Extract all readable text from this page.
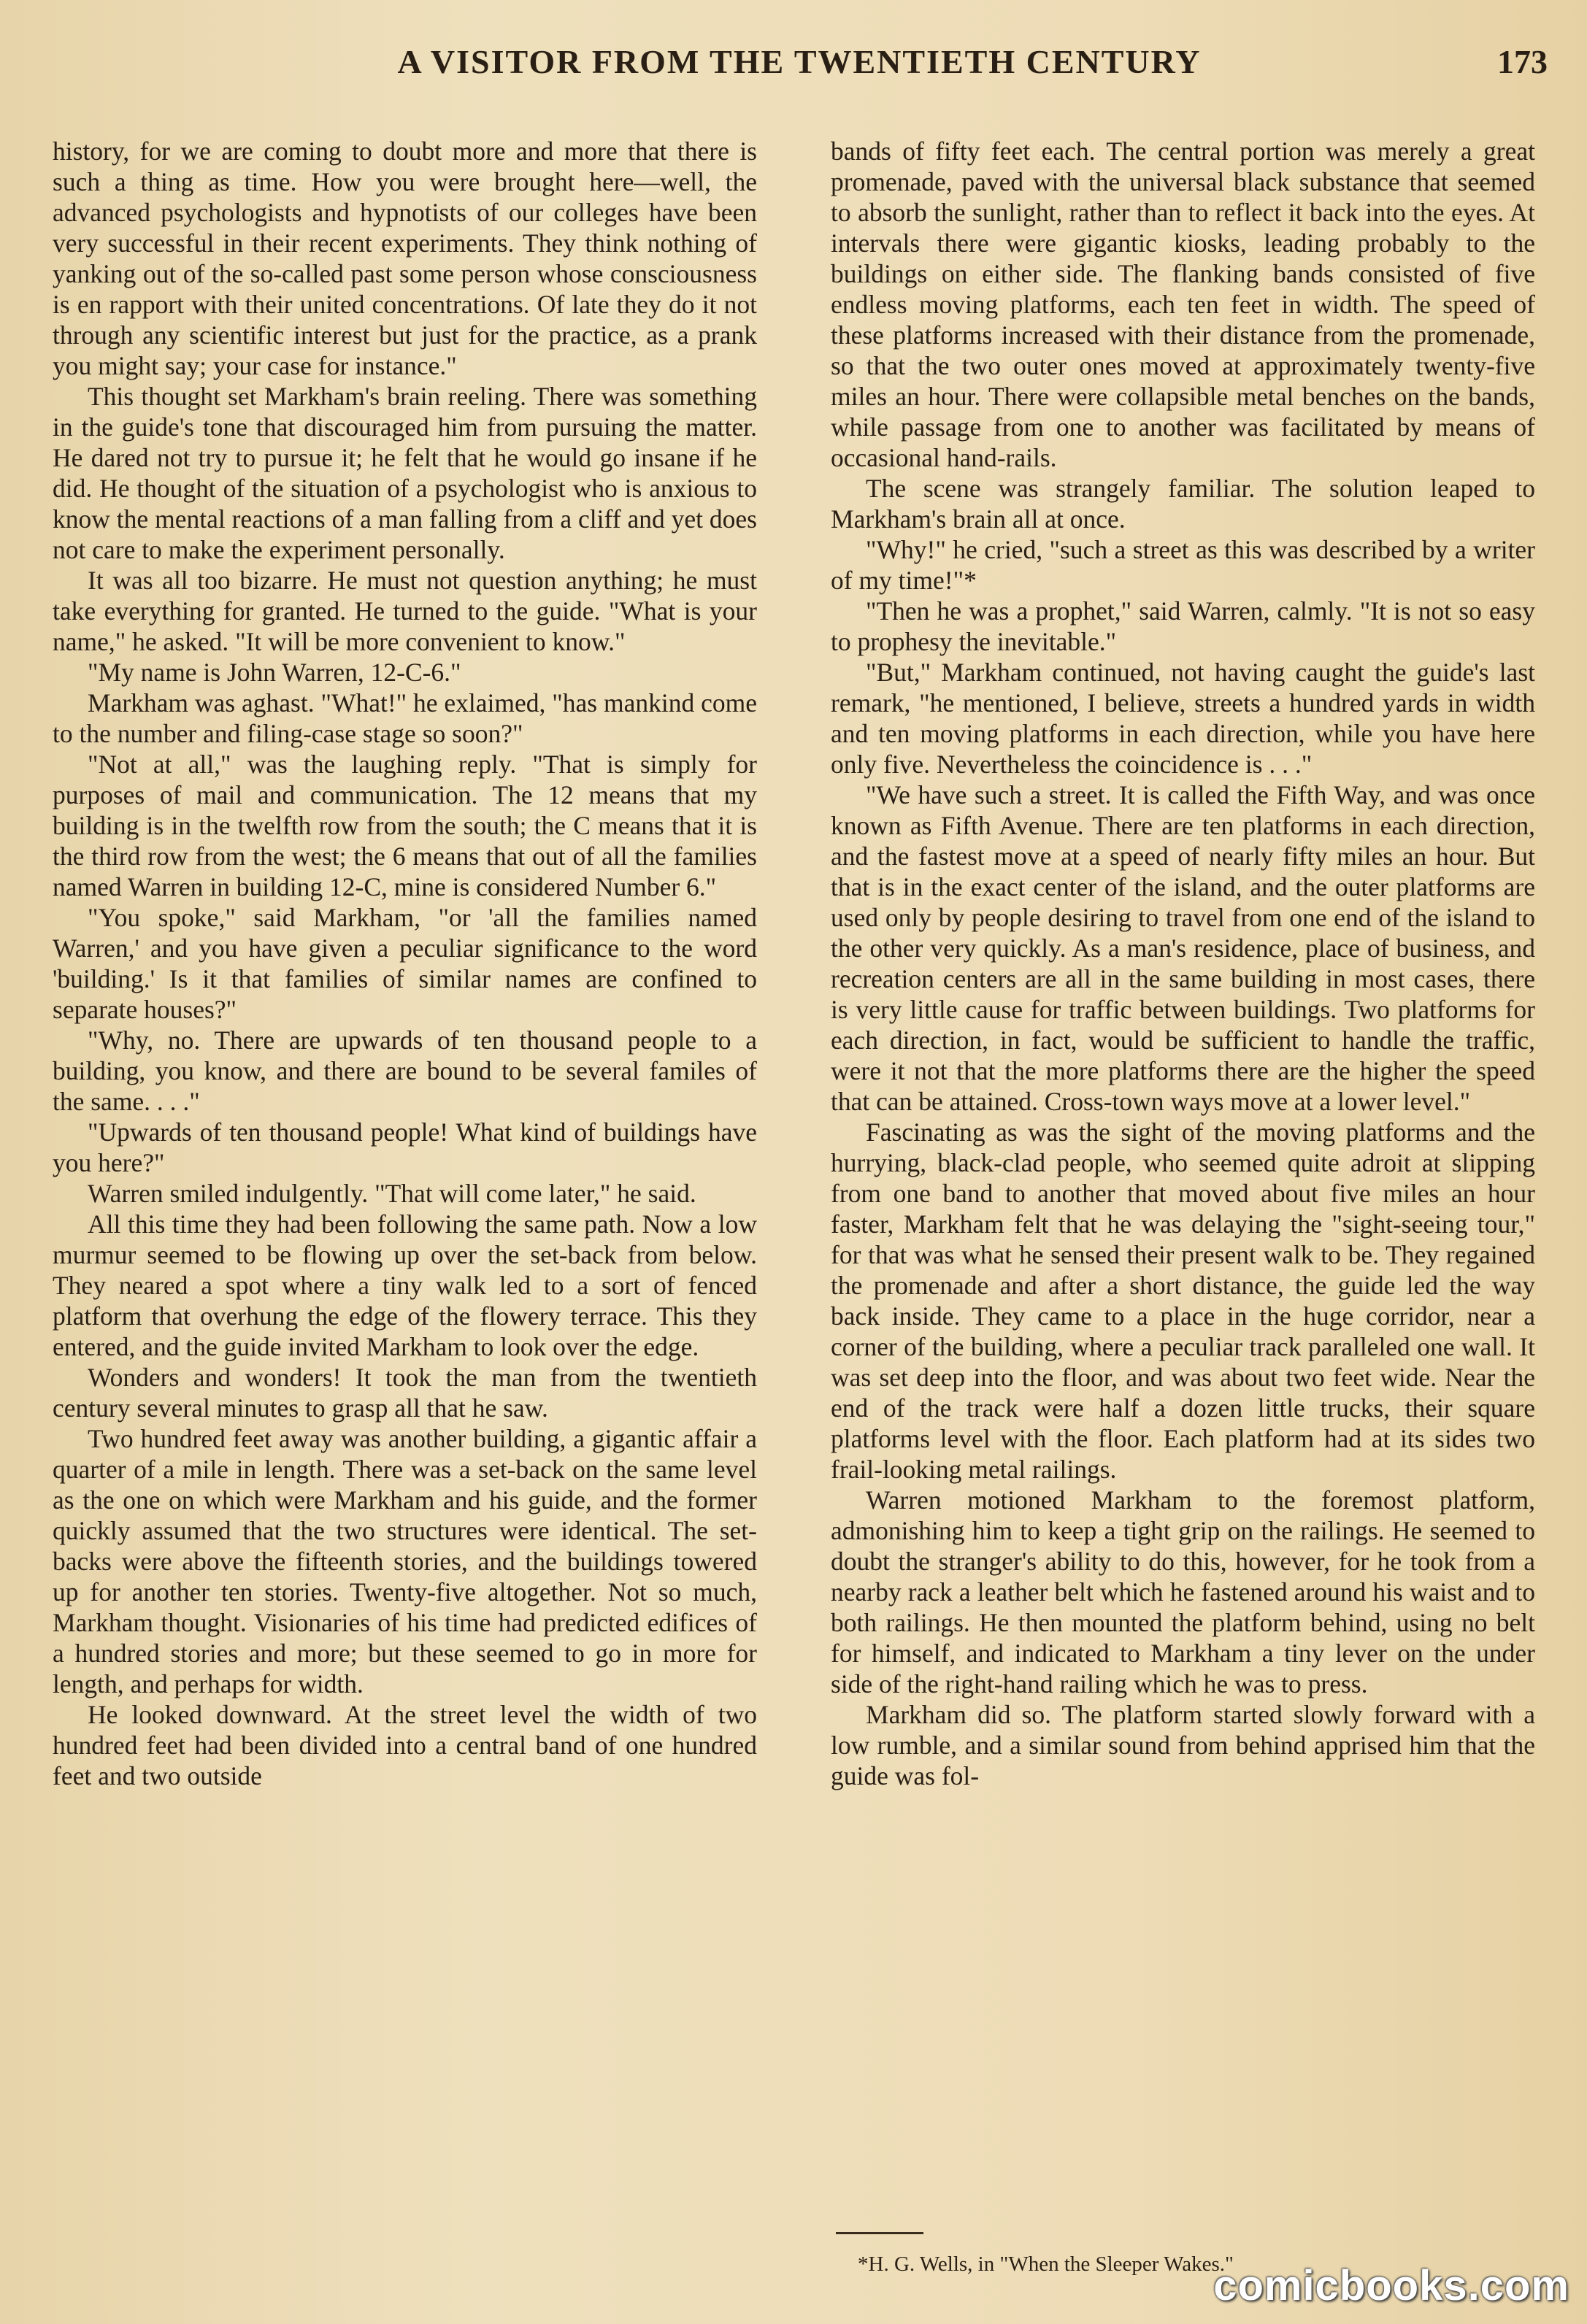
A VISITOR FROM THE TWENTIETH CENTURY	173

history, for we are coming to doubt more and more that there is such a thing as time. How you were brought here—well, the advanced psychologists and hypnotists of our colleges have been very successful in their recent experiments. They think nothing of yanking out of the so-called past some person whose consciousness is en rapport with their united concentrations. Of late they do it not through any scientific interest but just for the practice, as a prank you might say; your case for instance."

This thought set Markham's brain reeling. There was something in the guide's tone that discouraged him from pursuing the matter. He dared not try to pursue it; he felt that he would go insane if he did. He thought of the situation of a psychologist who is anxious to know the mental reactions of a man falling from a cliff and yet does not care to make the experiment personally.

It was all too bizarre. He must not question anything; he must take everything for granted. He turned to the guide. "What is your name," he asked. "It will be more convenient to know."

"My name is John Warren, 12-C-6."

Markham was aghast. "What!" he exlaimed, "has mankind come to the number and filing-case stage so soon?"

"Not at all," was the laughing reply. "That is simply for purposes of mail and communication. The 12 means that my building is in the twelfth row from the south; the C means that it is the third row from the west; the 6 means that out of all the families named Warren in building 12-C, mine is considered Number 6."

"You spoke," said Markham, "or 'all the families named Warren,' and you have given a peculiar significance to the word 'building.' Is it that families of similar names are confined to separate houses?"

"Why, no. There are upwards of ten thousand people to a building, you know, and there are bound to be several familes of the same. . . ."

"Upwards of ten thousand people! What kind of buildings have you here?"

Warren smiled indulgently. "That will come later," he said.

All this time they had been following the same path. Now a low murmur seemed to be flowing up over the set-back from below. They neared a spot where a tiny walk led to a sort of fenced platform that overhung the edge of the flowery terrace. This they entered, and the guide invited Markham to look over the edge.

Wonders and wonders! It took the man from the twentieth century several minutes to grasp all that he saw.

Two hundred feet away was another building, a gigantic affair a quarter of a mile in length. There was a set-back on the same level as the one on which were Markham and his guide, and the former quickly assumed that the two structures were identical. The set-backs were above the fifteenth stories, and the buildings towered up for another ten stories. Twenty-five altogether. Not so much, Markham thought. Visionaries of his time had predicted edifices of a hundred stories and more; but these seemed to go in more for length, and perhaps for width.

He looked downward. At the street level the width of two hundred feet had been divided into a central band of one hundred feet and two outside

bands of fifty feet each. The central portion was merely a great promenade, paved with the universal black substance that seemed to absorb the sunlight, rather than to reflect it back into the eyes. At intervals there were gigantic kiosks, leading probably to the buildings on either side. The flanking bands consisted of five endless moving platforms, each ten feet in width. The speed of these platforms increased with their distance from the promenade, so that the two outer ones moved at approximately twenty-five miles an hour. There were collapsible metal benches on the bands, while passage from one to another was facilitated by means of occasional hand-rails.

The scene was strangely familiar. The solution leaped to Markham's brain all at once.

"Why!" he cried, "such a street as this was described by a writer of my time!"*

"Then he was a prophet," said Warren, calmly. "It is not so easy to prophesy the inevitable."

"But," Markham continued, not having caught the guide's last remark, "he mentioned, I believe, streets a hundred yards in width and ten moving platforms in each direction, while you have here only five. Nevertheless the coincidence is . . ."

"We have such a street. It is called the Fifth Way, and was once known as Fifth Avenue. There are ten platforms in each direction, and the fastest move at a speed of nearly fifty miles an hour. But that is in the exact center of the island, and the outer platforms are used only by people desiring to travel from one end of the island to the other very quickly. As a man's residence, place of business, and recreation centers are all in the same building in most cases, there is very little cause for traffic between buildings. Two platforms for each direction, in fact, would be sufficient to handle the traffic, were it not that the more platforms there are the higher the speed that can be attained. Cross-town ways move at a lower level."

Fascinating as was the sight of the moving platforms and the hurrying, black-clad people, who seemed quite adroit at slipping from one band to another that moved about five miles an hour faster, Markham felt that he was delaying the "sight-seeing tour," for that was what he sensed their present walk to be. They regained the promenade and after a short distance, the guide led the way back inside. They came to a place in the huge corridor, near a corner of the building, where a peculiar track paralleled one wall. It was set deep into the floor, and was about two feet wide. Near the end of the track were half a dozen little trucks, their square platforms level with the floor. Each platform had at its sides two frail-looking metal railings.

Warren motioned Markham to the foremost platform, admonishing him to keep a tight grip on the railings. He seemed to doubt the stranger's ability to do this, however, for he took from a nearby rack a leather belt which he fastened around his waist and to both railings. He then mounted the platform behind, using no belt for himself, and indicated to Markham a tiny lever on the under side of the right-hand railing which he was to press.

Markham did so. The platform started slowly forward with a low rumble, and a similar sound from behind apprised him that the guide was fol-

*H. G. Wells, in "When the Sleeper Wakes."
comicbooks.com
